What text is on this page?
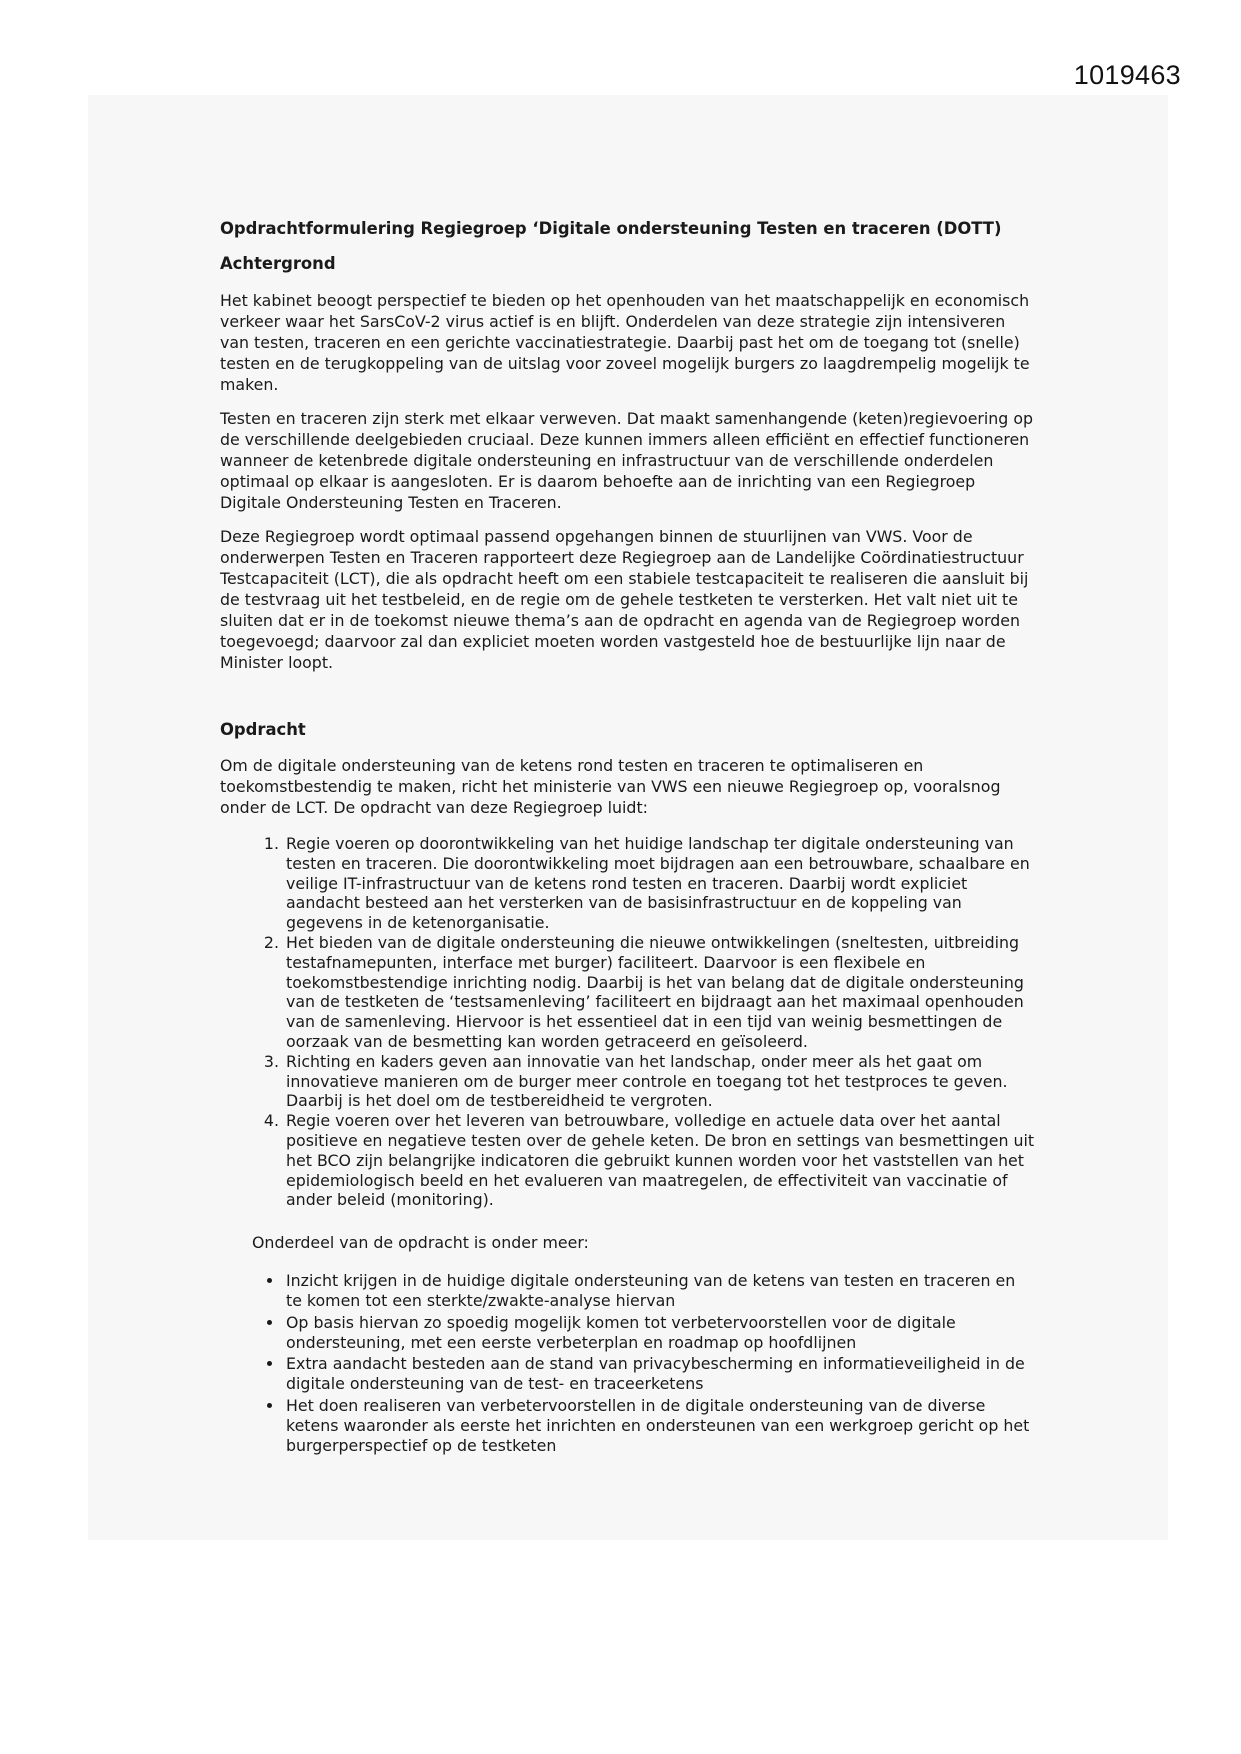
1019463
Opdrachtformulering Regiegroep ‘Digitale ondersteuning Testen en traceren (DOTT)
Achtergrond

Het kabinet beoogt perspectief te bieden op het openhouden van het maatschappelijk en economisch verkeer waar het SarsCoV-2 virus actief is en blijft. Onderdelen van deze strategie zijn intensiveren van testen, traceren en een gerichte vaccinatiestrategie. Daarbij past het om de toegang tot (snelle) testen en de terugkoppeling van de uitslag voor zoveel mogelijk burgers zo laagdrempelig mogelijk te maken.

Testen en traceren zijn sterk met elkaar verweven. Dat maakt samenhangende (keten)regievoering op de verschillende deelgebieden cruciaal. Deze kunnen immers alleen efficiënt en effectief functioneren wanneer de ketenbrede digitale ondersteuning en infrastructuur van de verschillende onderdelen optimaal op elkaar is aangesloten. Er is daarom behoefte aan de inrichting van een Regiegroep Digitale Ondersteuning Testen en Traceren.

Deze Regiegroep wordt optimaal passend opgehangen binnen de stuurlijnen van VWS. Voor de onderwerpen Testen en Traceren rapporteert deze Regiegroep aan de Landelijke Coördinatiestructuur Testcapaciteit (LCT), die als opdracht heeft om een stabiele testcapaciteit te realiseren die aansluit bij de testvraag uit het testbeleid, en de regie om de gehele testketen te versterken. Het valt niet uit te sluiten dat er in de toekomst nieuwe thema’s aan de opdracht en agenda van de Regiegroep worden toegevoegd; daarvoor zal dan expliciet moeten worden vastgesteld hoe de bestuurlijke lijn naar de Minister loopt.

Opdracht

Om de digitale ondersteuning van de ketens rond testen en traceren te optimaliseren en toekomstbestendig te maken, richt het ministerie van VWS een nieuwe Regiegroep op, vooralsnog onder de LCT. De opdracht van deze Regiegroep luidt:

1. Regie voeren op doorontwikkeling van het huidige landschap ter digitale ondersteuning van testen en traceren. Die doorontwikkeling moet bijdragen aan een betrouwbare, schaalbare en veilige IT-infrastructuur van de ketens rond testen en traceren. Daarbij wordt expliciet aandacht besteed aan het versterken van de basisinfrastructuur en de koppeling van gegevens in de ketenorganisatie.
2. Het bieden van de digitale ondersteuning die nieuwe ontwikkelingen (sneltesten, uitbreiding testafnamepunten, interface met burger) faciliteert. Daarvoor is een flexibele en toekomstbestendige inrichting nodig. Daarbij is het van belang dat de digitale ondersteuning van de testketen de ‘testsamenleving’ faciliteert en bijdraagt aan het maximaal openhouden van de samenleving. Hiervoor is het essentieel dat in een tijd van weinig besmettingen de oorzaak van de besmetting kan worden getraceerd en geïsoleerd.
3. Richting en kaders geven aan innovatie van het landschap, onder meer als het gaat om innovatieve manieren om de burger meer controle en toegang tot het testproces te geven. Daarbij is het doel om de testbereidheid te vergroten.
4. Regie voeren over het leveren van betrouwbare, volledige en actuele data over het aantal positieve en negatieve testen over de gehele keten. De bron en settings van besmettingen uit het BCO zijn belangrijke indicatoren die gebruikt kunnen worden voor het vaststellen van het epidemiologisch beeld en het evalueren van maatregelen, de effectiviteit van vaccinatie of ander beleid (monitoring).
Onderdeel van de opdracht is onder meer:
• Inzicht krijgen in de huidige digitale ondersteuning van de ketens van testen en traceren en te komen tot een sterkte/zwakte-analyse hiervan
• Op basis hiervan zo spoedig mogelijk komen tot verbetervoorstellen voor de digitale ondersteuning, met een eerste verbeterplan en roadmap op hoofdlijnen
• Extra aandacht besteden aan de stand van privacybescherming en informatieveiligheid in de digitale ondersteuning van de test- en traceerketens
• Het doen realiseren van verbetervoorstellen in de digitale ondersteuning van de diverse ketens waaronder als eerste het inrichten en ondersteunen van een werkgroep gericht op het burgerperspectief op de testketen
